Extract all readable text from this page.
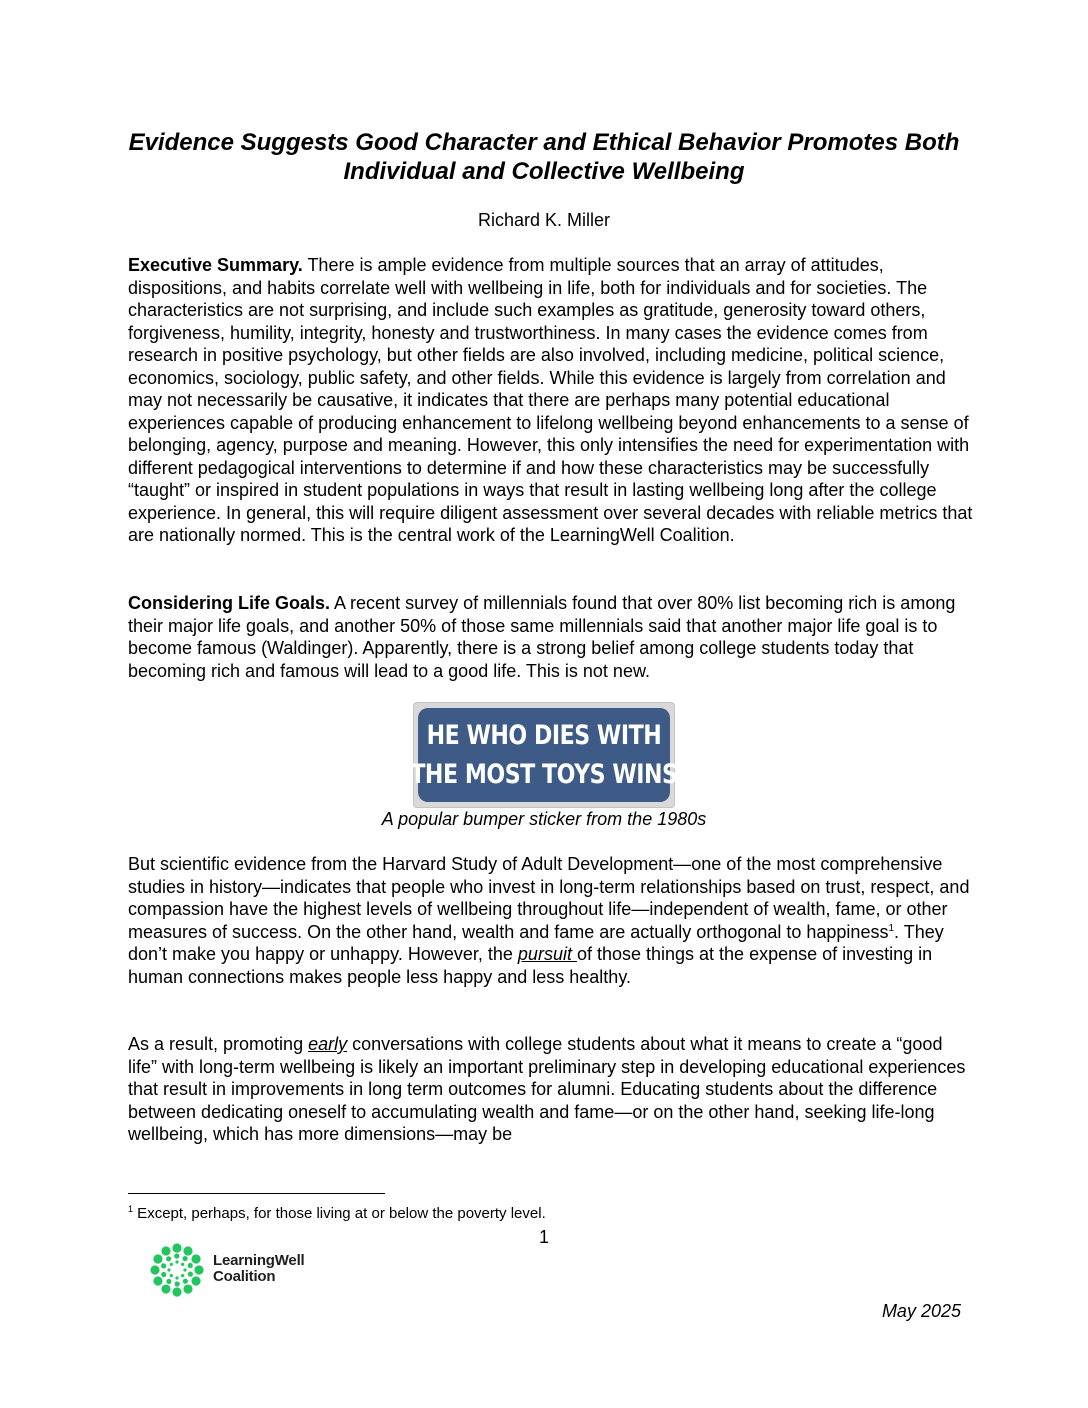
Evidence Suggests Good Character and Ethical Behavior Promotes Both Individual and Collective Wellbeing

Richard K. Miller

Executive Summary. There is ample evidence from multiple sources that an array of attitudes, dispositions, and habits correlate well with wellbeing in life, both for individuals and for societies. The characteristics are not surprising, and include such examples as gratitude, generosity toward others, forgiveness, humility, integrity, honesty and trustworthiness. In many cases the evidence comes from research in positive psychology, but other fields are also involved, including medicine, political science, economics, sociology, public safety, and other fields. While this evidence is largely from correlation and may not necessarily be causative, it indicates that there are perhaps many potential educational experiences capable of producing enhancement to lifelong wellbeing beyond enhancements to a sense of belonging, agency, purpose and meaning. However, this only intensifies the need for experimentation with different pedagogical interventions to determine if and how these characteristics may be successfully “taught” or inspired in student populations in ways that result in lasting wellbeing long after the college experience. In general, this will require diligent assessment over several decades with reliable metrics that are nationally normed. This is the central work of the LearningWell Coalition.

Considering Life Goals. A recent survey of millennials found that over 80% list becoming rich is among their major life goals, and another 50% of those same millennials said that another major life goal is to become famous (Waldinger). Apparently, there is a strong belief among college students today that becoming rich and famous will lead to a good life. This is not new.

HE WHO DIES WITH
THE MOST TOYS WINS

A popular bumper sticker from the 1980s

But scientific evidence from the Harvard Study of Adult Development—one of the most comprehensive studies in history—indicates that people who invest in long-term relationships based on trust, respect, and compassion have the highest levels of wellbeing throughout life—independent of wealth, fame, or other measures of success. On the other hand, wealth and fame are actually orthogonal to happiness$^1$. They don’t make you happy or unhappy. However, the pursuit of those things at the expense of investing in human connections makes people less happy and less healthy.

As a result, promoting early conversations with college students about what it means to create a “good life” with long-term wellbeing is likely an important preliminary step in developing educational experiences that result in improvements in long term outcomes for alumni. Educating students about the difference between dedicating oneself to accumulating wealth and fame—or on the other hand, seeking life-long wellbeing, which has more dimensions—may be

$^1$ Except, perhaps, for those living at or below the poverty level.

1

LearningWell
Coalition

May 2025
